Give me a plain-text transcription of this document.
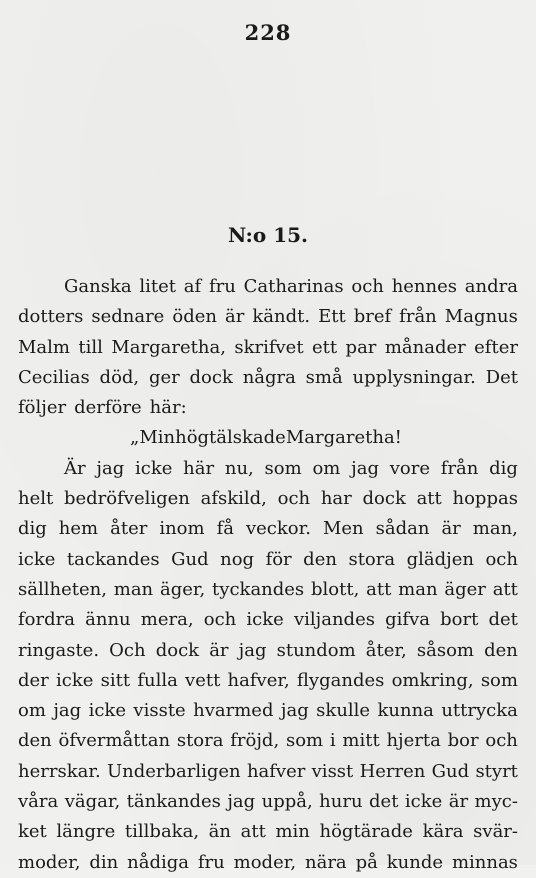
228
N:o 15.
Ganska litet af fru Catharinas och hennes andra
dotters sednare öden är kändt. Ett bref från Magnus
Malm till Margaretha, skrifvet ett par månader efter
Cecilias död, ger dock några små upplysningar. Det
följer derföre här:
„Min högt älskade Margaretha!
Är jag icke här nu, som om jag vore från dig
helt bedröfveligen afskild, och har dock att hoppas
dig hem åter inom få veckor. Men sådan är man,
icke tackandes Gud nog för den stora glädjen och
sällheten, man äger, tyckandes blott, att man äger att
fordra ännu mera, och icke viljandes gifva bort det
ringaste. Och dock är jag stundom åter, såsom den
der icke sitt fulla vett hafver, flygandes omkring, som
om jag icke visste hvarmed jag skulle kunna uttrycka
den öfvermåttan stora fröjd, som i mitt hjerta bor och
herrskar. Underbarligen hafver visst Herren Gud styrt
våra vägar, tänkandes jag uppå, huru det icke är myc-
ket längre tillbaka, än att min högtärade kära svär-
moder, din nådiga fru moder, nära på kunde minnas
